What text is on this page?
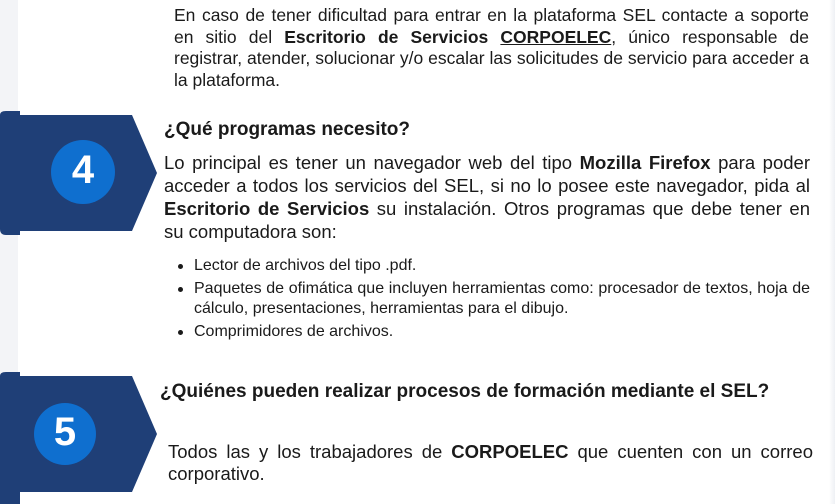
En caso de tener dificultad para entrar en la plataforma SEL contacte a soporte en sitio del Escritorio de Servicios CORPOELEC, único responsable de registrar, atender, solucionar y/o escalar las solicitudes de servicio para acceder a la plataforma.
4
¿Qué programas necesito?
Lo principal es tener un navegador web del tipo Mozilla Firefox para poder acceder a todos los servicios del SEL, si no lo posee este navegador, pida al Escritorio de Servicios su instalación. Otros programas que debe tener en su computadora son:
Lector de archivos del tipo .pdf.
Paquetes de ofimática que incluyen herramientas como: procesador de textos, hoja de cálculo, presentaciones, herramientas para el dibujo.
Comprimidores de archivos.
5
¿Quiénes pueden realizar procesos de formación mediante el SEL?
Todos las y los trabajadores de CORPOELEC que cuenten con un correo corporativo.
